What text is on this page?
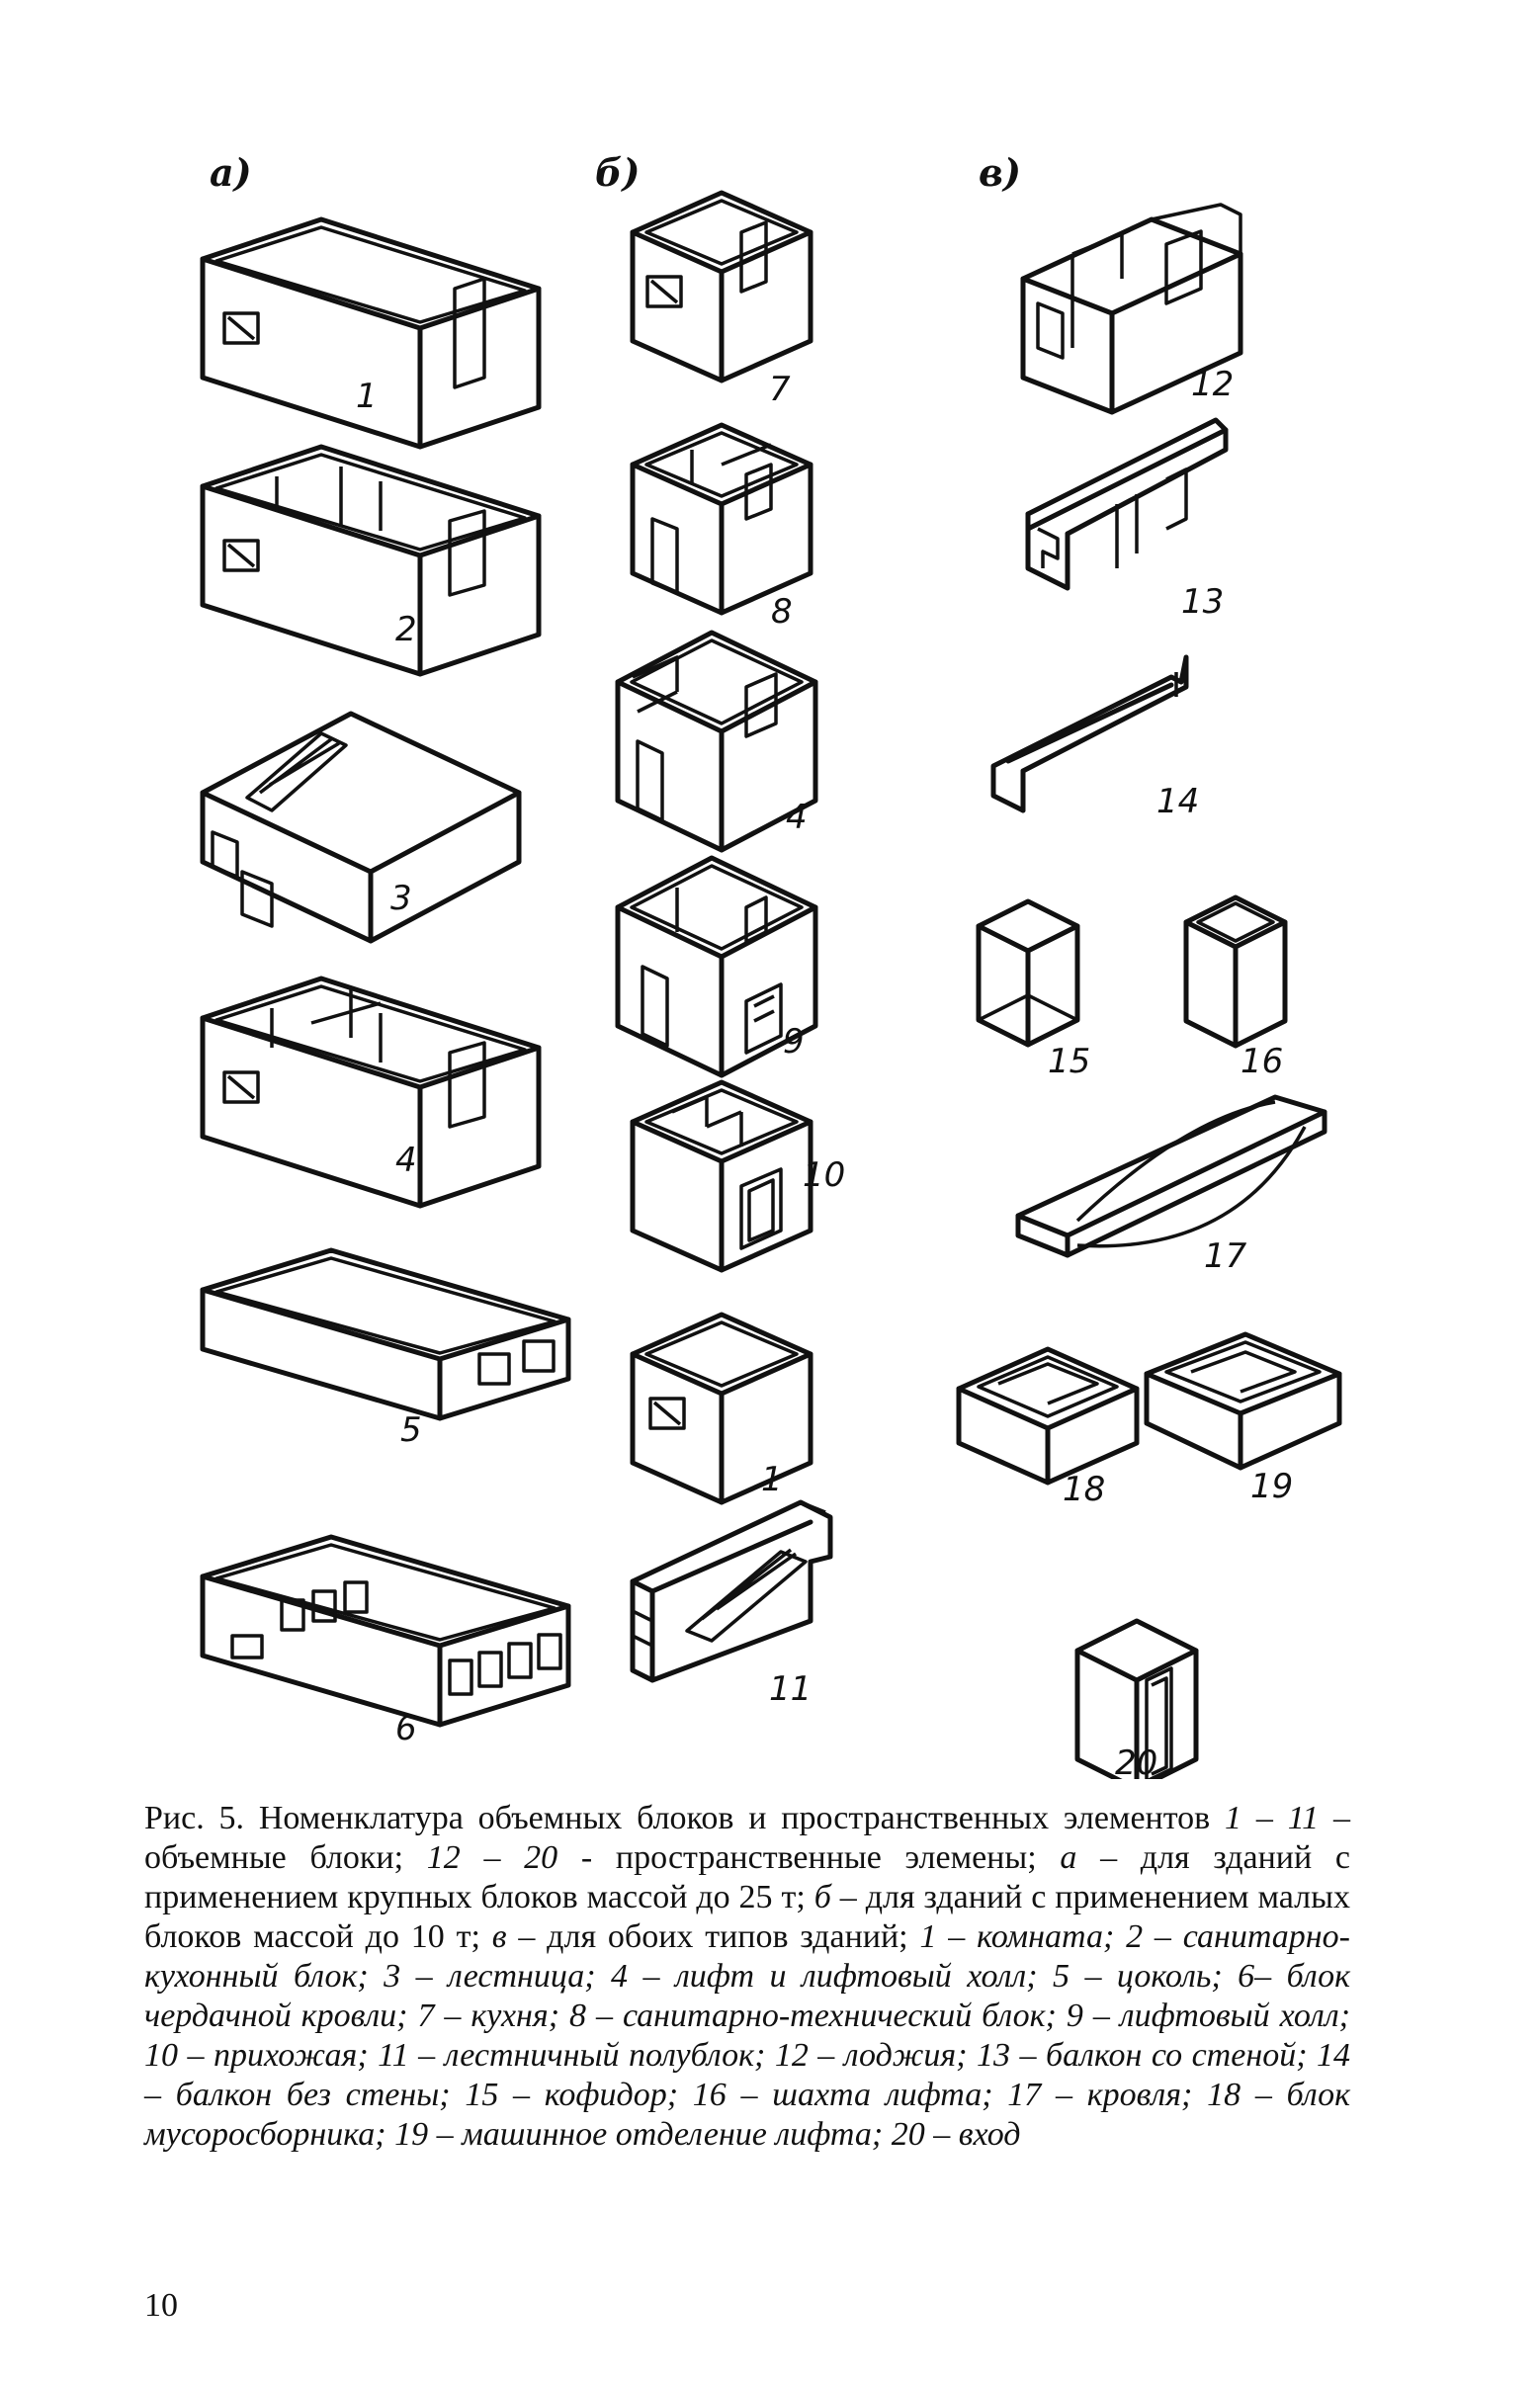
а)	б)	в)
1
2
3
4
5
6
7
8
4
9
10
1
11
12
13
14
15	16
17
18	19
20

Рис. 5. Номенклатура объемных блоков и пространственных элементов 1 – 11 – объемные блоки; 12 – 20 - пространственные элемены; а – для зданий с применением крупных блоков массой до 25 т; б – для зданий с применением малых блоков массой до 10 т; в – для обоих типов зданий; 1 – комната; 2 – санитарно-кухонный блок; 3 – лестница; 4 – лифт и лифтовый холл; 5 – цоколь; 6– блок чердачной кровли; 7 – кухня; 8 – санитарно-технический блок; 9 – лифтовый холл; 10 – прихожая; 11 – лестничный полублок; 12 – лоджия; 13 – балкон со стеной; 14 – балкон без стены; 15 – кофидор; 16 – шахта лифта; 17 – кровля; 18 – блок мусоросборника; 19 – машинное отделение лифта; 20 – вход

10
